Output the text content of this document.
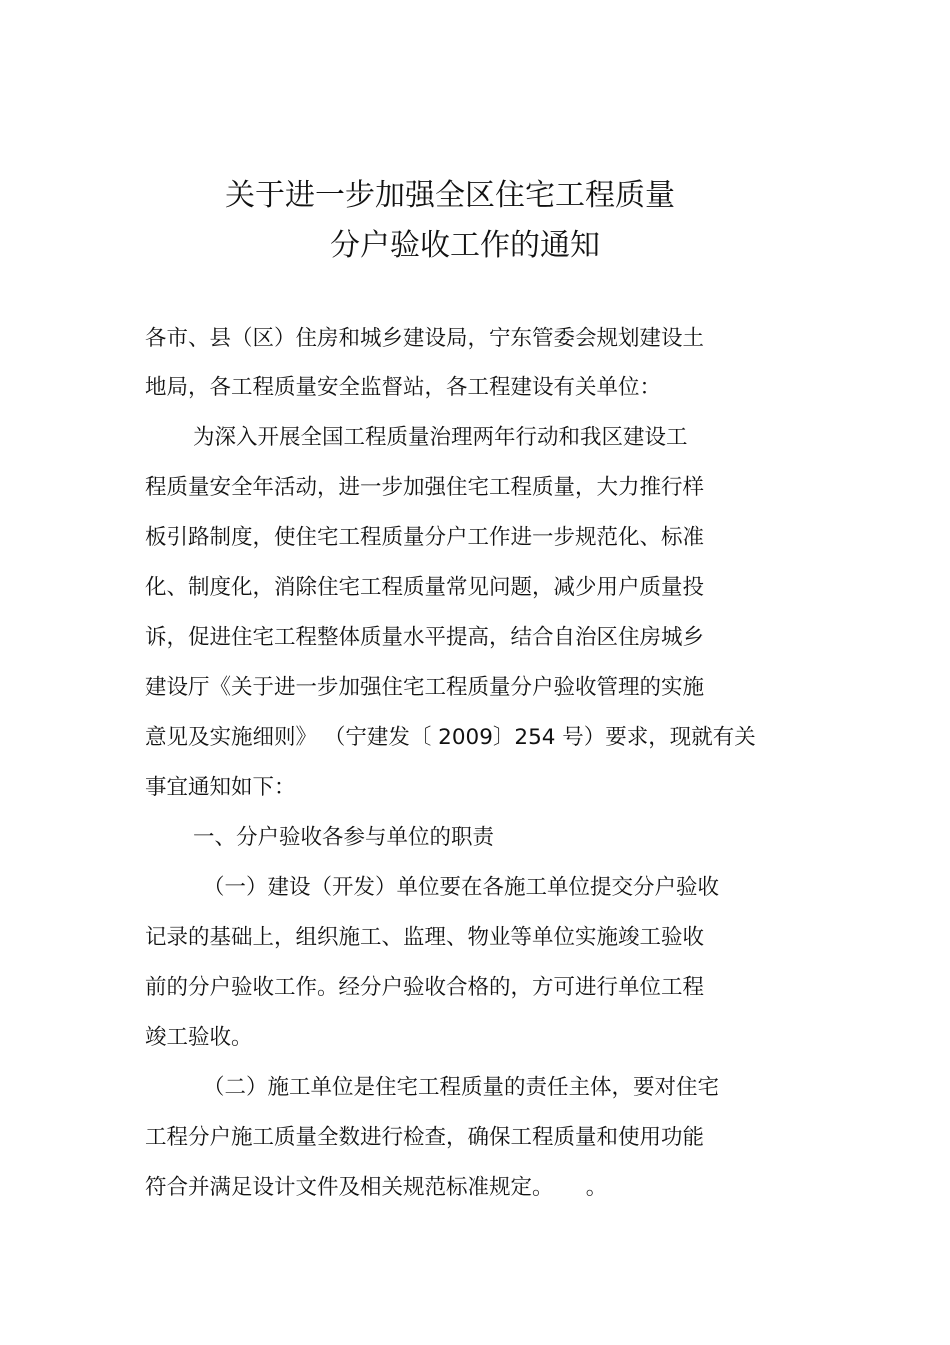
关于进一步加强全区住宅工程质量
分户验收工作的通知

各市、县（区）住房和城乡建设局，宁东管委会规划建设土

地局，各工程质量安全监督站，各工程建设有关单位：

为深入开展全国工程质量治理两年行动和我区建设工

程质量安全年活动，进一步加强住宅工程质量，大力推行样

板引路制度，使住宅工程质量分户工作进一步规范化、标准

化、制度化，消除住宅工程质量常见问题，减少用户质量投

诉，促进住宅工程整体质量水平提高，结合自治区住房城乡

建设厅《关于进一步加强住宅工程质量分户验收管理的实施

意见及实施细则》 （宁建发〔 2009〕254 号）要求，现就有关

事宜通知如下：

一、分户验收各参与单位的职责

（一）建设（开发）单位要在各施工单位提交分户验收

记录的基础上，组织施工、监理、物业等单位实施竣工验收

前的分户验收工作。经分户验收合格的，方可进行单位工程

竣工验收。

（二）施工单位是住宅工程质量的责任主体，要对住宅

工程分户施工质量全数进行检查，确保工程质量和使用功能

符合并满足设计文件及相关规范标准规定。　　。
